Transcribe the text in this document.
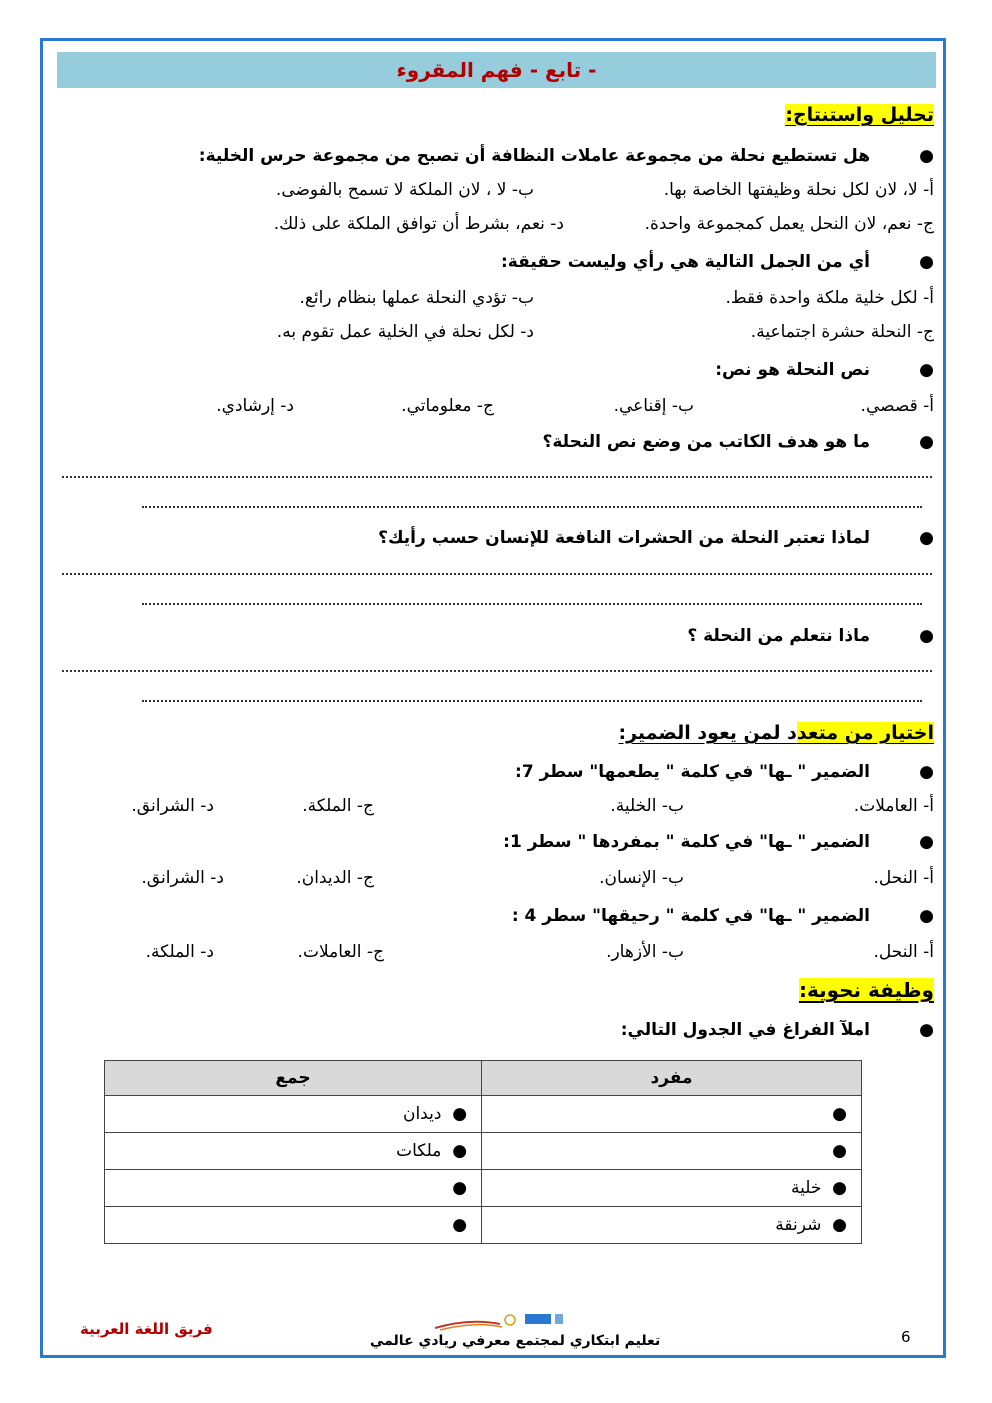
تابع - فهم المقروء -
تحليل واستنتاج:
●هل تستطيع نحلة من مجموعة عاملات النظافة أن تصبح من مجموعة حرس الخلية:
أ- لا، لان لكل نحلة وظيفتها الخاصة بها.
ب- لا ، لان الملكة لا تسمح بالفوضى.
ج- نعم، لان النحل يعمل كمجموعة واحدة.
د- نعم، بشرط أن توافق الملكة على ذلك.
●أي من الجمل التالية هي رأي وليست حقيقة:
أ- لكل خلية ملكة واحدة فقط.
ب- تؤدي النحلة عملها بنظام رائع.
ج- النحلة حشرة اجتماعية.
د- لكل نحلة في الخلية عمل تقوم به.
●نص النحلة هو نص:
أ- قصصي.
ب- إقناعي.
ج- معلوماتي.
د- إرشادي.
●ما هو هدف الكاتب من وضع نص النحلة؟
●لماذا تعتبر النحلة من الحشرات النافعة للإنسان حسب رأيك؟
●ماذا نتعلم من النحلة ؟
اختيار من متعدد لمن يعود الضمير:
●الضمير " ـها" في كلمة " يطعمها" سطر 7:
أ- العاملات.
ب- الخلية.
ج- الملكة.
د- الشرانق.
●الضمير " ـها" في كلمة " بمفردها " سطر 1:
أ- النحل.
ب- الإنسان.
ج- الديدان.
د- الشرانق.
●الضمير " ـها" في كلمة " رحيقها" سطر 4 :
أ- النحل.
ب- الأزهار.
ج- العاملات.
د- الملكة.
وظيفة نحوية:
●املآ الفراغ في الجدول التالي:
مفرد	جمع
●	●  ديدان
●	●  ملكات
●  خلية	●
●  شرنقة	●
فريق اللغة العربية
تعليم ابتكاري لمجتمع معرفي ريادي عالمي	6
